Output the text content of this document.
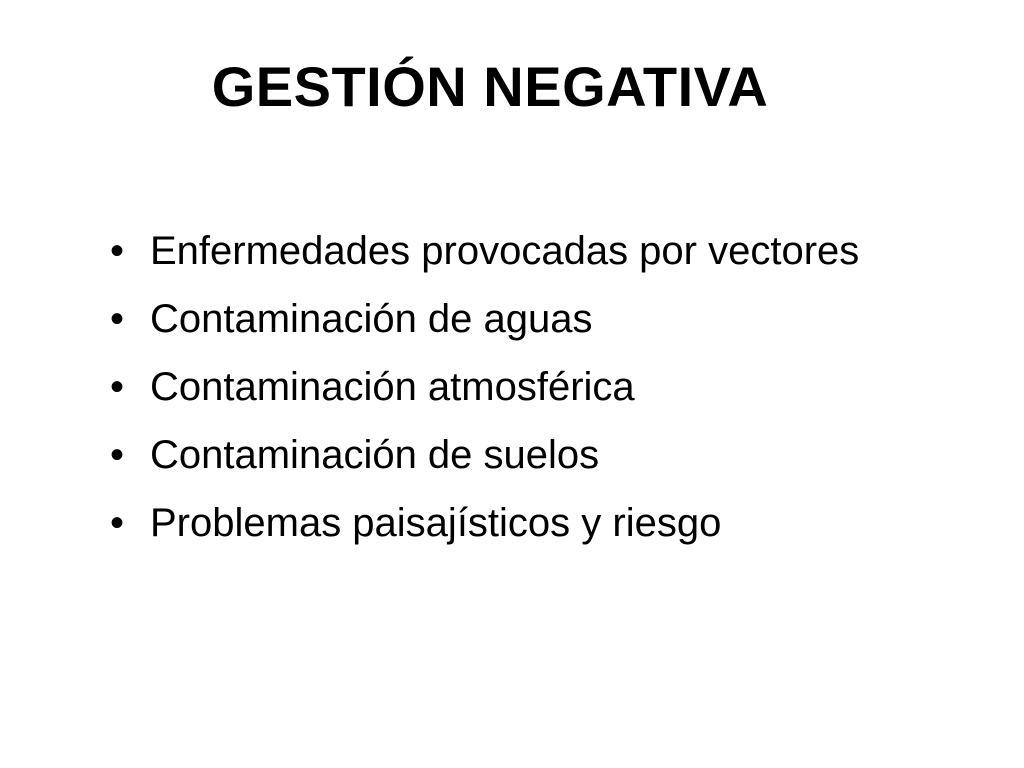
GESTIÓN NEGATIVA
• Enfermedades provocadas por vectores
• Contaminación de aguas
• Contaminación atmosférica
• Contaminación de suelos
• Problemas paisajísticos y riesgo
